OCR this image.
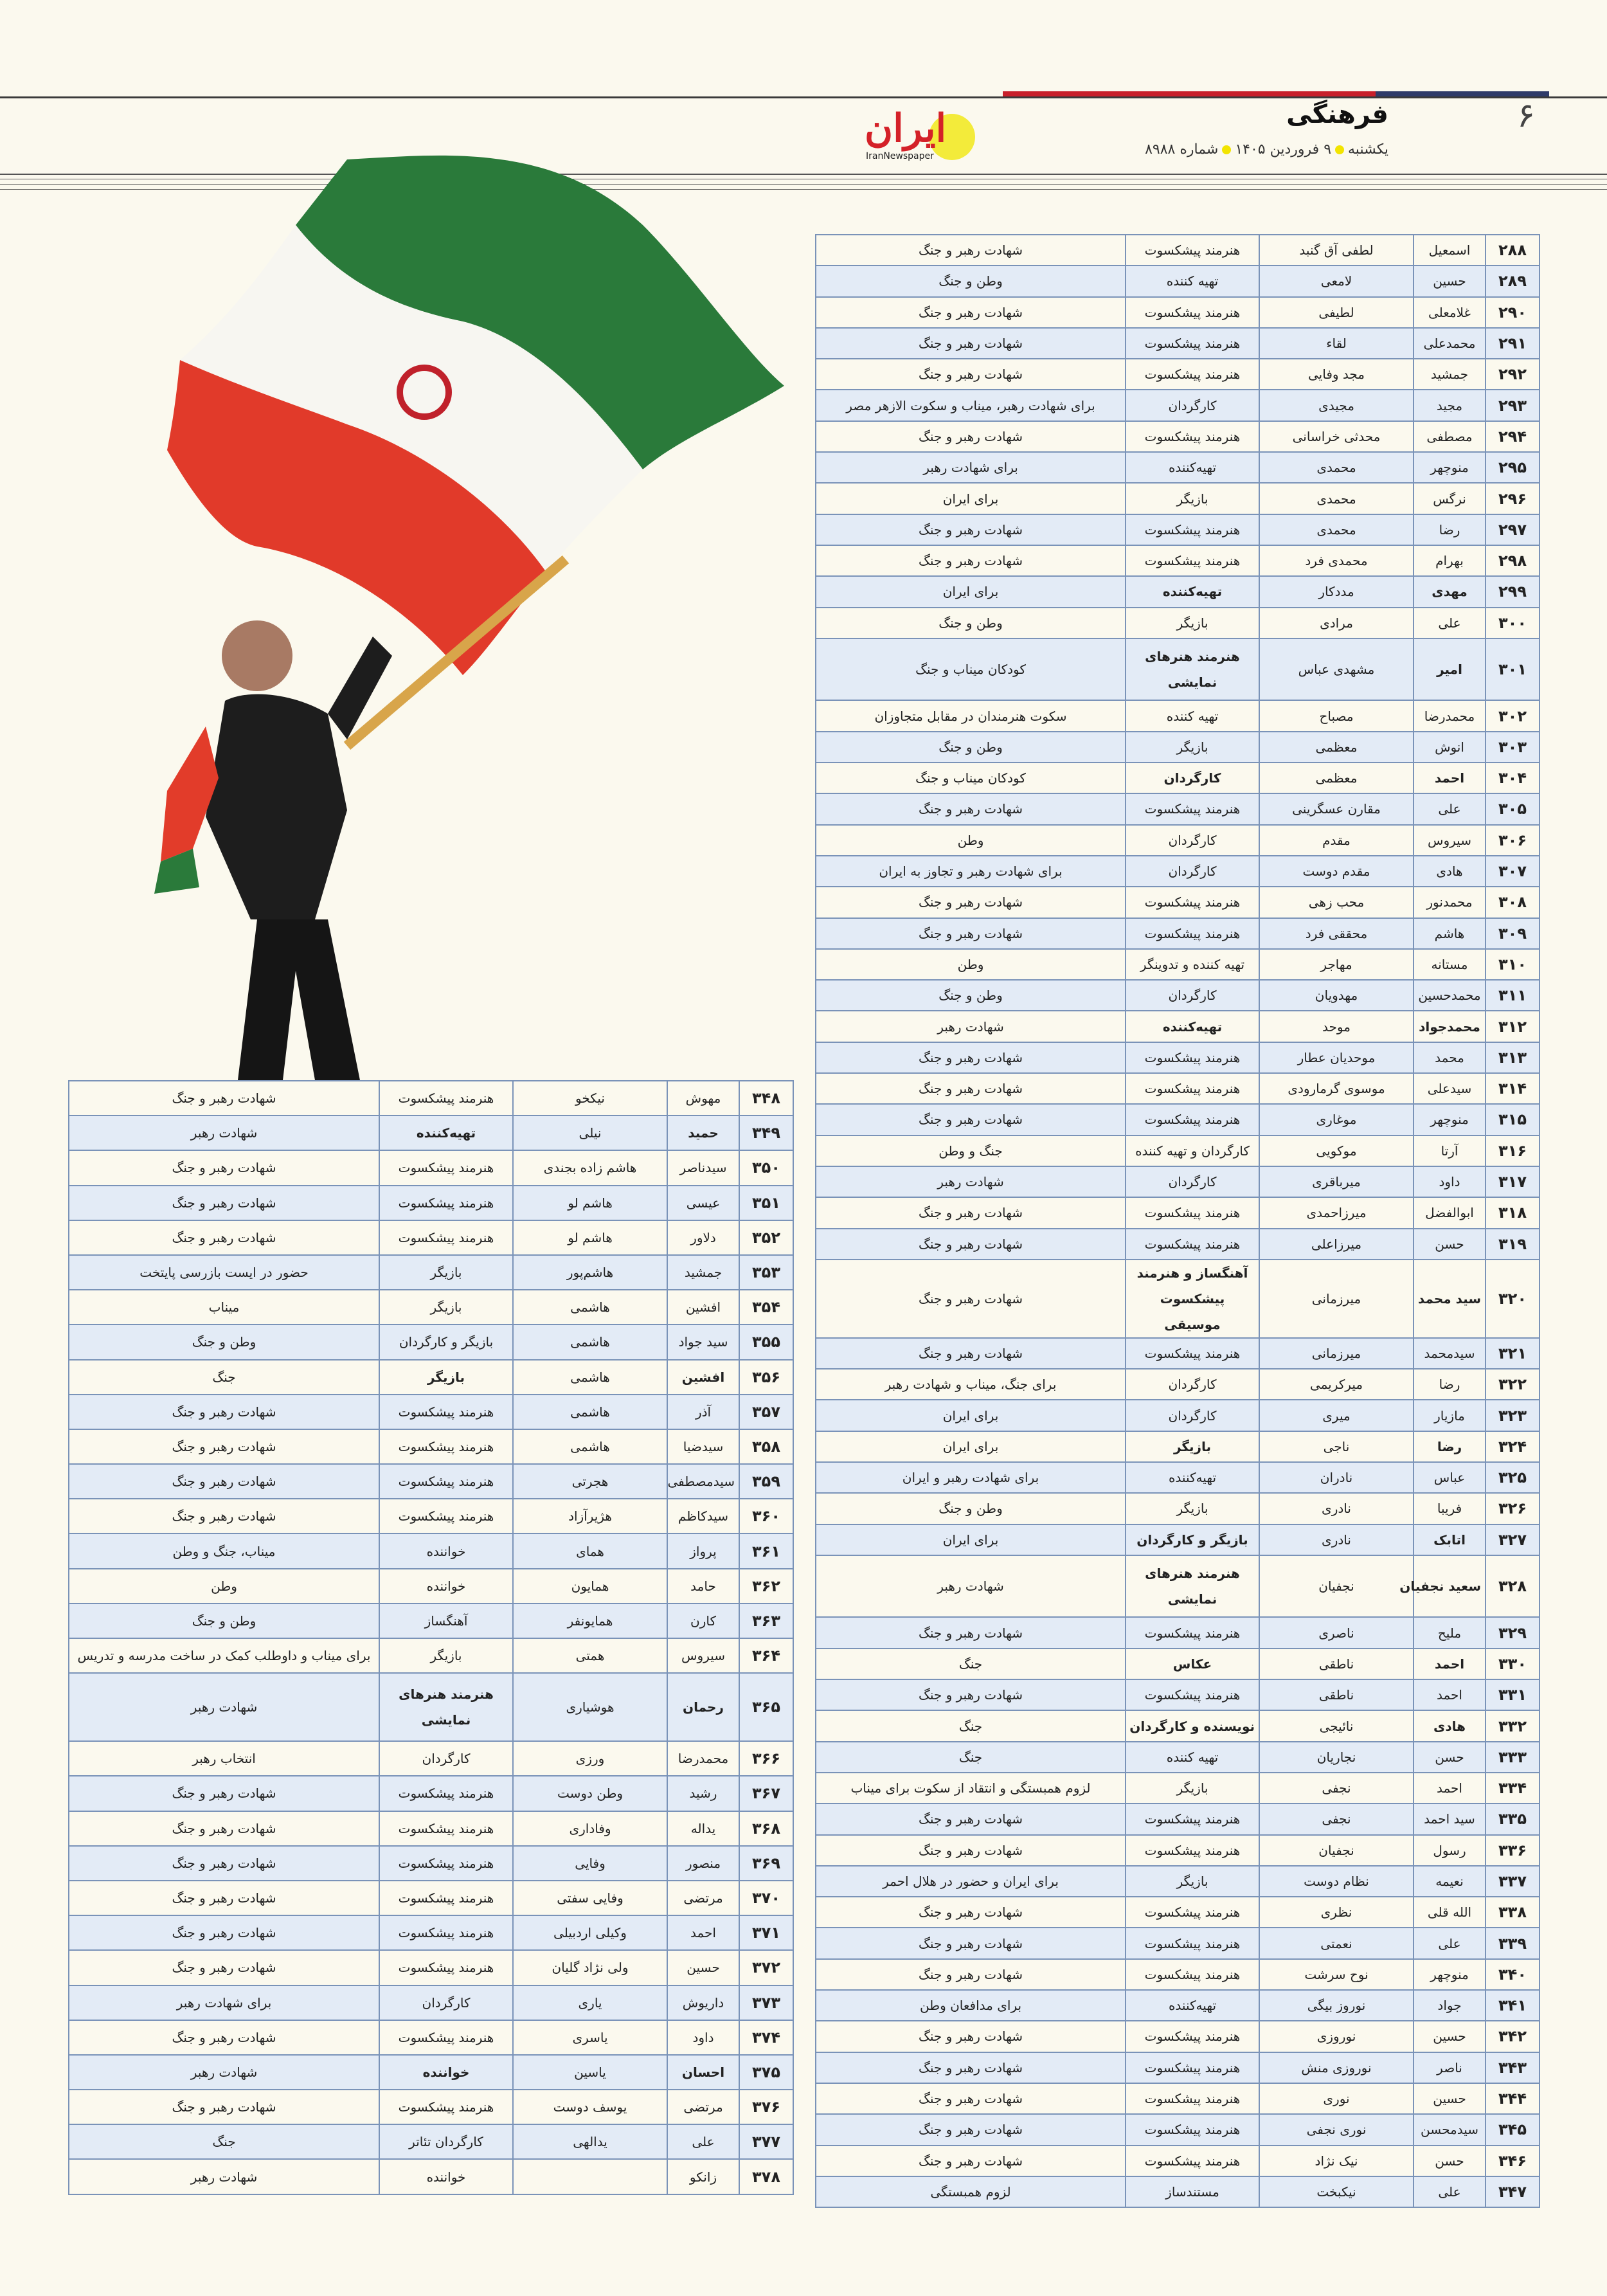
۶
فرهنگی
یکشنبه۹ فروردین ۱۴۰۵شماره ۸۹۸۸
ایران
IranNewspaper
۲۸۸	اسمعیل	لطفی آق گنبد	هنرمند پیشکسوت	شهادت رهبر و جنگ
۲۸۹	حسین	لامعی	تهیه کننده	وطن و جنگ
۲۹۰	غلامعلی	لطیفی	هنرمند پیشکسوت	شهادت رهبر و جنگ
۲۹۱	محمدعلی	لقاء	هنرمند پیشکسوت	شهادت رهبر و جنگ
۲۹۲	جمشید	مجد وفایی	هنرمند پیشکسوت	شهادت رهبر و جنگ
۲۹۳	مجید	مجیدی	کارگردان	برای شهادت رهبر، میناب و سکوت الازهر مصر
۲۹۴	مصطفی	محدثی خراسانی	هنرمند پیشکسوت	شهادت رهبر و جنگ
۲۹۵	منوچهر	محمدی	تهیه‌کننده	برای شهادت رهبر
۲۹۶	نرگس	محمدی	بازیگر	برای ایران
۲۹۷	رضا	محمدی	هنرمند پیشکسوت	شهادت رهبر و جنگ
۲۹۸	بهرام	محمدی فرد	هنرمند پیشکسوت	شهادت رهبر و جنگ
۲۹۹	مهدی	مددکار	تهیه‌کننده	برای ایران
۳۰۰	علی	مرادی	بازیگر	وطن و جنگ
۳۰۱	امیر	مشهدی عباس	هنرمند هنرهای نمایشی	کودکان میناب و جنگ
۳۰۲	محمدرضا	مصباح	تهیه کننده	سکوت هنرمندان در مقابل متجاوزان
۳۰۳	انوش	معظمی	بازیگر	وطن و جنگ
۳۰۴	احمد	معظمی	کارگردان	کودکان میناب و جنگ
۳۰۵	علی	مقارن عسگرینی	هنرمند پیشکسوت	شهادت رهبر و جنگ
۳۰۶	سیروس	مقدم	کارگردان	وطن
۳۰۷	هادی	مقدم دوست	کارگردان	برای شهادت رهبر و تجاوز به ایران
۳۰۸	محمدنور	محب زهی	هنرمند پیشکسوت	شهادت رهبر و جنگ
۳۰۹	هاشم	محققی فرد	هنرمند پیشکسوت	شهادت رهبر و جنگ
۳۱۰	مستانه	مهاجر	تهیه کننده و تدوینگر	وطن
۳۱۱	محمدحسین	مهدویان	کارگردان	وطن و جنگ
۳۱۲	محمدجواد	موحد	تهیه‌کننده	شهادت رهبر
۳۱۳	محمد	موحدیان عطار	هنرمند پیشکسوت	شهادت رهبر و جنگ
۳۱۴	سیدعلی	موسوی گرمارودی	هنرمند پیشکسوت	شهادت رهبر و جنگ
۳۱۵	منوچهر	موغاری	هنرمند پیشکسوت	شهادت رهبر و جنگ
۳۱۶	آرتا	موکویی	کارگردان و تهیه کننده	جنگ و وطن
۳۱۷	داود	میرباقری	کارگردان	شهادت رهبر
۳۱۸	ابوالفضل	میرزاحمدی	هنرمند پیشکسوت	شهادت رهبر و جنگ
۳۱۹	حسن	میرزاعلی	هنرمند پیشکسوت	شهادت رهبر و جنگ
۳۲۰	سید محمد	میرزمانی	آهنگساز و هنرمند پیشکسوت موسیقی	شهادت رهبر و جنگ
۳۲۱	سیدمحمد	میرزمانی	هنرمند پیشکسوت	شهادت رهبر و جنگ
۳۲۲	رضا	میرکریمی	کارگردان	برای جنگ، میناب و شهادت رهبر
۳۲۳	مازیار	میری	کارگردان	برای ایران
۳۲۴	رضا	ناجی	بازیگر	برای ایران
۳۲۵	عباس	نادران	تهیه‌کننده	برای شهادت رهبر و ایران
۳۲۶	فریبا	نادری	بازیگر	وطن و جنگ
۳۲۷	اتابک	نادری	بازیگر و کارگردان	برای ایران
۳۲۸	سعید نجفیان	نجفیان	هنرمند هنرهای نمایشی	شهادت رهبر
۳۲۹	ملیح	ناصری	هنرمند پیشکسوت	شهادت رهبر و جنگ
۳۳۰	احمد	ناطقی	عکاس	جنگ
۳۳۱	احمد	ناطقی	هنرمند پیشکسوت	شهادت رهبر و جنگ
۳۳۲	هادی	نائیجی	نویسنده و کارگردان	جنگ
۳۳۳	حسن	نجاریان	تهیه کننده	جنگ
۳۳۴	احمد	نجفی	بازیگر	لزوم همبستگی و انتقاد از سکوت برای میناب
۳۳۵	سید احمد	نجفی	هنرمند پیشکسوت	شهادت رهبر و جنگ
۳۳۶	رسول	نجفیان	هنرمند پیشکسوت	شهادت رهبر و جنگ
۳۳۷	نعیمه	نظام دوست	بازیگر	برای ایران و حضور در هلال احمر
۳۳۸	الله قلی	نظری	هنرمند پیشکسوت	شهادت رهبر و جنگ
۳۳۹	علی	نعمتی	هنرمند پیشکسوت	شهادت رهبر و جنگ
۳۴۰	منوچهر	نوح سرشت	هنرمند پیشکسوت	شهادت رهبر و جنگ
۳۴۱	جواد	نوروز بیگی	تهیه‌کننده	برای مدافعان وطن
۳۴۲	حسین	نوروزی	هنرمند پیشکسوت	شهادت رهبر و جنگ
۳۴۳	ناصر	نوروزی منش	هنرمند پیشکسوت	شهادت رهبر و جنگ
۳۴۴	حسین	نوری	هنرمند پیشکسوت	شهادت رهبر و جنگ
۳۴۵	سیدمحسن	نوری نجفی	هنرمند پیشکسوت	شهادت رهبر و جنگ
۳۴۶	حسن	نیک نژاد	هنرمند پیشکسوت	شهادت رهبر و جنگ
۳۴۷	علی	نیکبخت	مستندساز	لزوم همبستگی
۳۴۸	مهوش	نیکخو	هنرمند پیشکسوت	شهادت رهبر و جنگ
۳۴۹	حمید	نیلی	تهیه‌کننده	شهادت رهبر
۳۵۰	سیدناصر	هاشم زاده بجندی	هنرمند پیشکسوت	شهادت رهبر و جنگ
۳۵۱	عیسی	هاشم لو	هنرمند پیشکسوت	شهادت رهبر و جنگ
۳۵۲	دلاور	هاشم لو	هنرمند پیشکسوت	شهادت رهبر و جنگ
۳۵۳	جمشید	هاشم‌پور	بازیگر	حضور در ایست بازرسی پایتخت
۳۵۴	افشین	هاشمی	بازیگر	میناب
۳۵۵	سید جواد	هاشمی	بازیگر و کارگردان	وطن و جنگ
۳۵۶	افشین	هاشمی	بازیگر	جنگ
۳۵۷	آذر	هاشمی	هنرمند پیشکسوت	شهادت رهبر و جنگ
۳۵۸	سیدضیا	هاشمی	هنرمند پیشکسوت	شهادت رهبر و جنگ
۳۵۹	سیدمصطفی	هجرتی	هنرمند پیشکسوت	شهادت رهبر و جنگ
۳۶۰	سیدکاظم	هژیرآزاد	هنرمند پیشکسوت	شهادت رهبر و جنگ
۳۶۱	پرواز	همای	خواننده	میناب، جنگ و وطن
۳۶۲	حامد	همایون	خواننده	وطن
۳۶۳	کارن	همایونفر	آهنگساز	وطن و جنگ
۳۶۴	سیروس	همتی	بازیگر	برای میناب و داوطلب کمک در ساخت مدرسه و تدریس
۳۶۵	رحمان	هوشیاری	هنرمند هنرهای نمایشی	شهادت رهبر
۳۶۶	محمدرضا	ورزی	کارگردان	انتخاب رهبر
۳۶۷	رشید	وطن دوست	هنرمند پیشکسوت	شهادت رهبر و جنگ
۳۶۸	یداله	وفاداری	هنرمند پیشکسوت	شهادت رهبر و جنگ
۳۶۹	منصور	وفایی	هنرمند پیشکسوت	شهادت رهبر و جنگ
۳۷۰	مرتضی	وفایی سفتی	هنرمند پیشکسوت	شهادت رهبر و جنگ
۳۷۱	احمد	وکیلی اردبیلی	هنرمند پیشکسوت	شهادت رهبر و جنگ
۳۷۲	حسین	ولی نژاد گلیان	هنرمند پیشکسوت	شهادت رهبر و جنگ
۳۷۳	داریوش	یاری	کارگردان	برای شهادت رهبر
۳۷۴	داود	یاسری	هنرمند پیشکسوت	شهادت رهبر و جنگ
۳۷۵	احسان	یاسین	خواننده	شهادت رهبر
۳۷۶	مرتضی	یوسف دوست	هنرمند پیشکسوت	شهادت رهبر و جنگ
۳۷۷	علی	یدالهی	کارگردان تئاتر	جنگ
۳۷۸	زانکو		خواننده	شهادت رهبر
